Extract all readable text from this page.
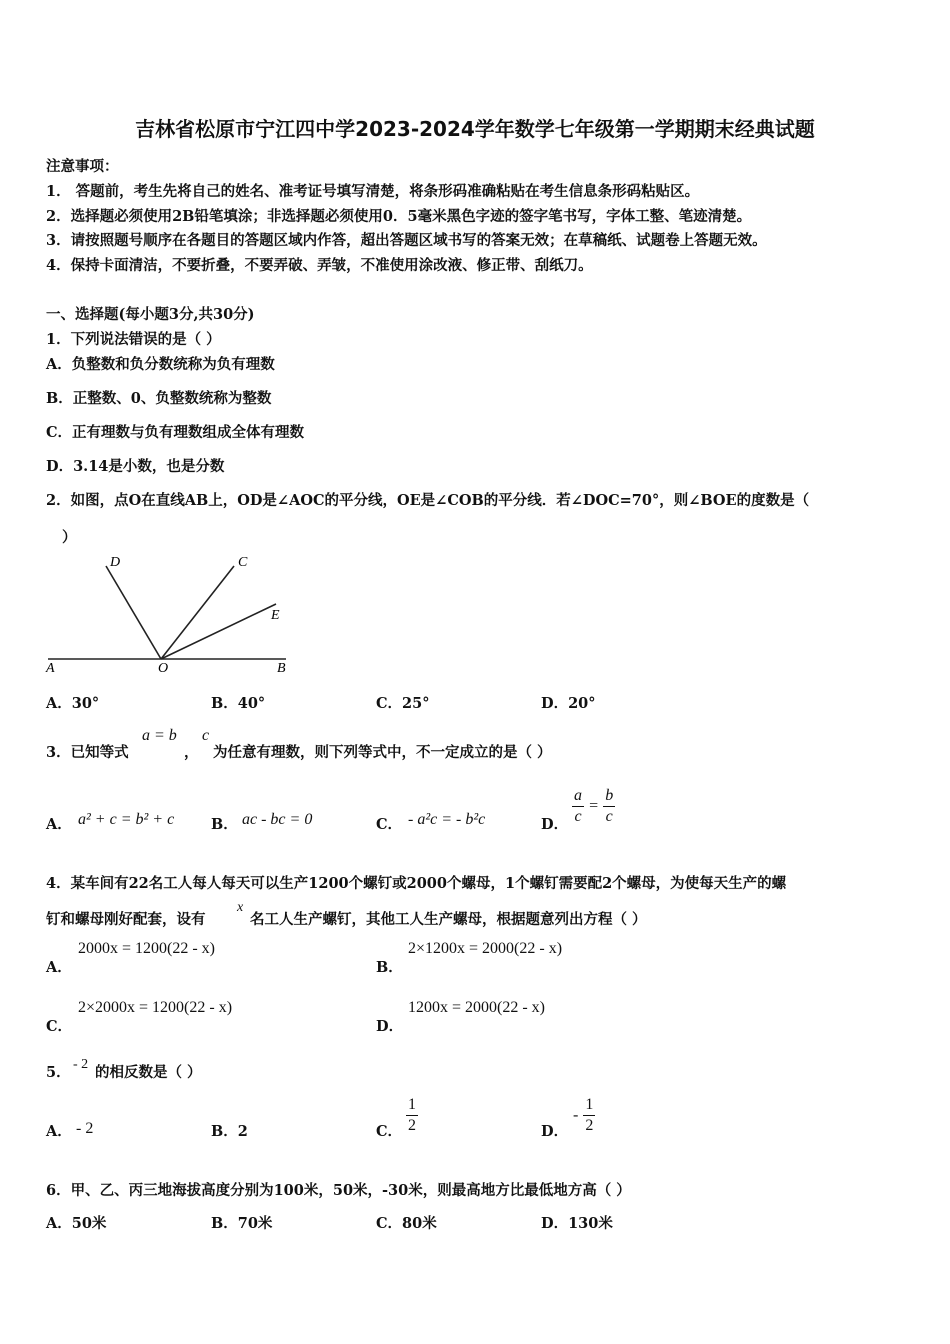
吉林省松原市宁江四中学2023-2024学年数学七年级第一学期期末经典试题
注意事项：
1． 答题前，考生先将自己的姓名、准考证号填写清楚，将条形码准确粘贴在考生信息条形码粘贴区。
2．选择题必须使用2B铅笔填涂；非选择题必须使用0．5毫米黑色字迹的签字笔书写，字体工整、笔迹清楚。
3．请按照题号顺序在各题目的答题区域内作答，超出答题区域书写的答案无效；在草稿纸、试题卷上答题无效。
4．保持卡面清洁，不要折叠，不要弄破、弄皱，不准使用涂改液、修正带、刮纸刀。
一、选择题(每小题3分,共30分)
1．下列说法错误的是（ ）
A．负整数和负分数统称为负有理数
B．正整数、0、负整数统称为整数
C．正有理数与负有理数组成全体有理数
D．3.14是小数，也是分数
2．如图，点O在直线AB上，OD是∠AOC的平分线，OE是∠COB的平分线．若∠DOC=70°，则∠BOE的度数是（
）
D	C
E
A	O	B
A．30°	B．40°	C．25°	D．20°
3．已知等式
a = b
，
c
为任意有理数，则下列等式中，不一定成立的是（ ）
A． a² + c = b² + c	B． ac - bc = 0	C． - a²c = - b²c	D． $\frac{a}{c} = \frac{b}{c}$
4．某车间有22名工人每人每天可以生产1200个螺钉或2000个螺母，1个螺钉需要配2个螺母，为使每天生产的螺
钉和螺母刚好配套，设有
x
名工人生产螺钉，其他工人生产螺母，根据题意列出方程（ ）
A．
2000x = 1200(22 - x)
B．
2×1200x = 2000(22 - x)
C．
2×2000x = 1200(22 - x)
D．
1200x = 2000(22 - x)
5． - 2 的相反数是（ ）
A． - 2	B．2	C． $\frac{1}{2}$	D．
- $\frac{1}{2}$
6．甲、乙、丙三地海拔高度分别为100米，50米，-30米，则最高地方比最低地方高（ ）
A．50米	B．70米	C．80米	D．130米
